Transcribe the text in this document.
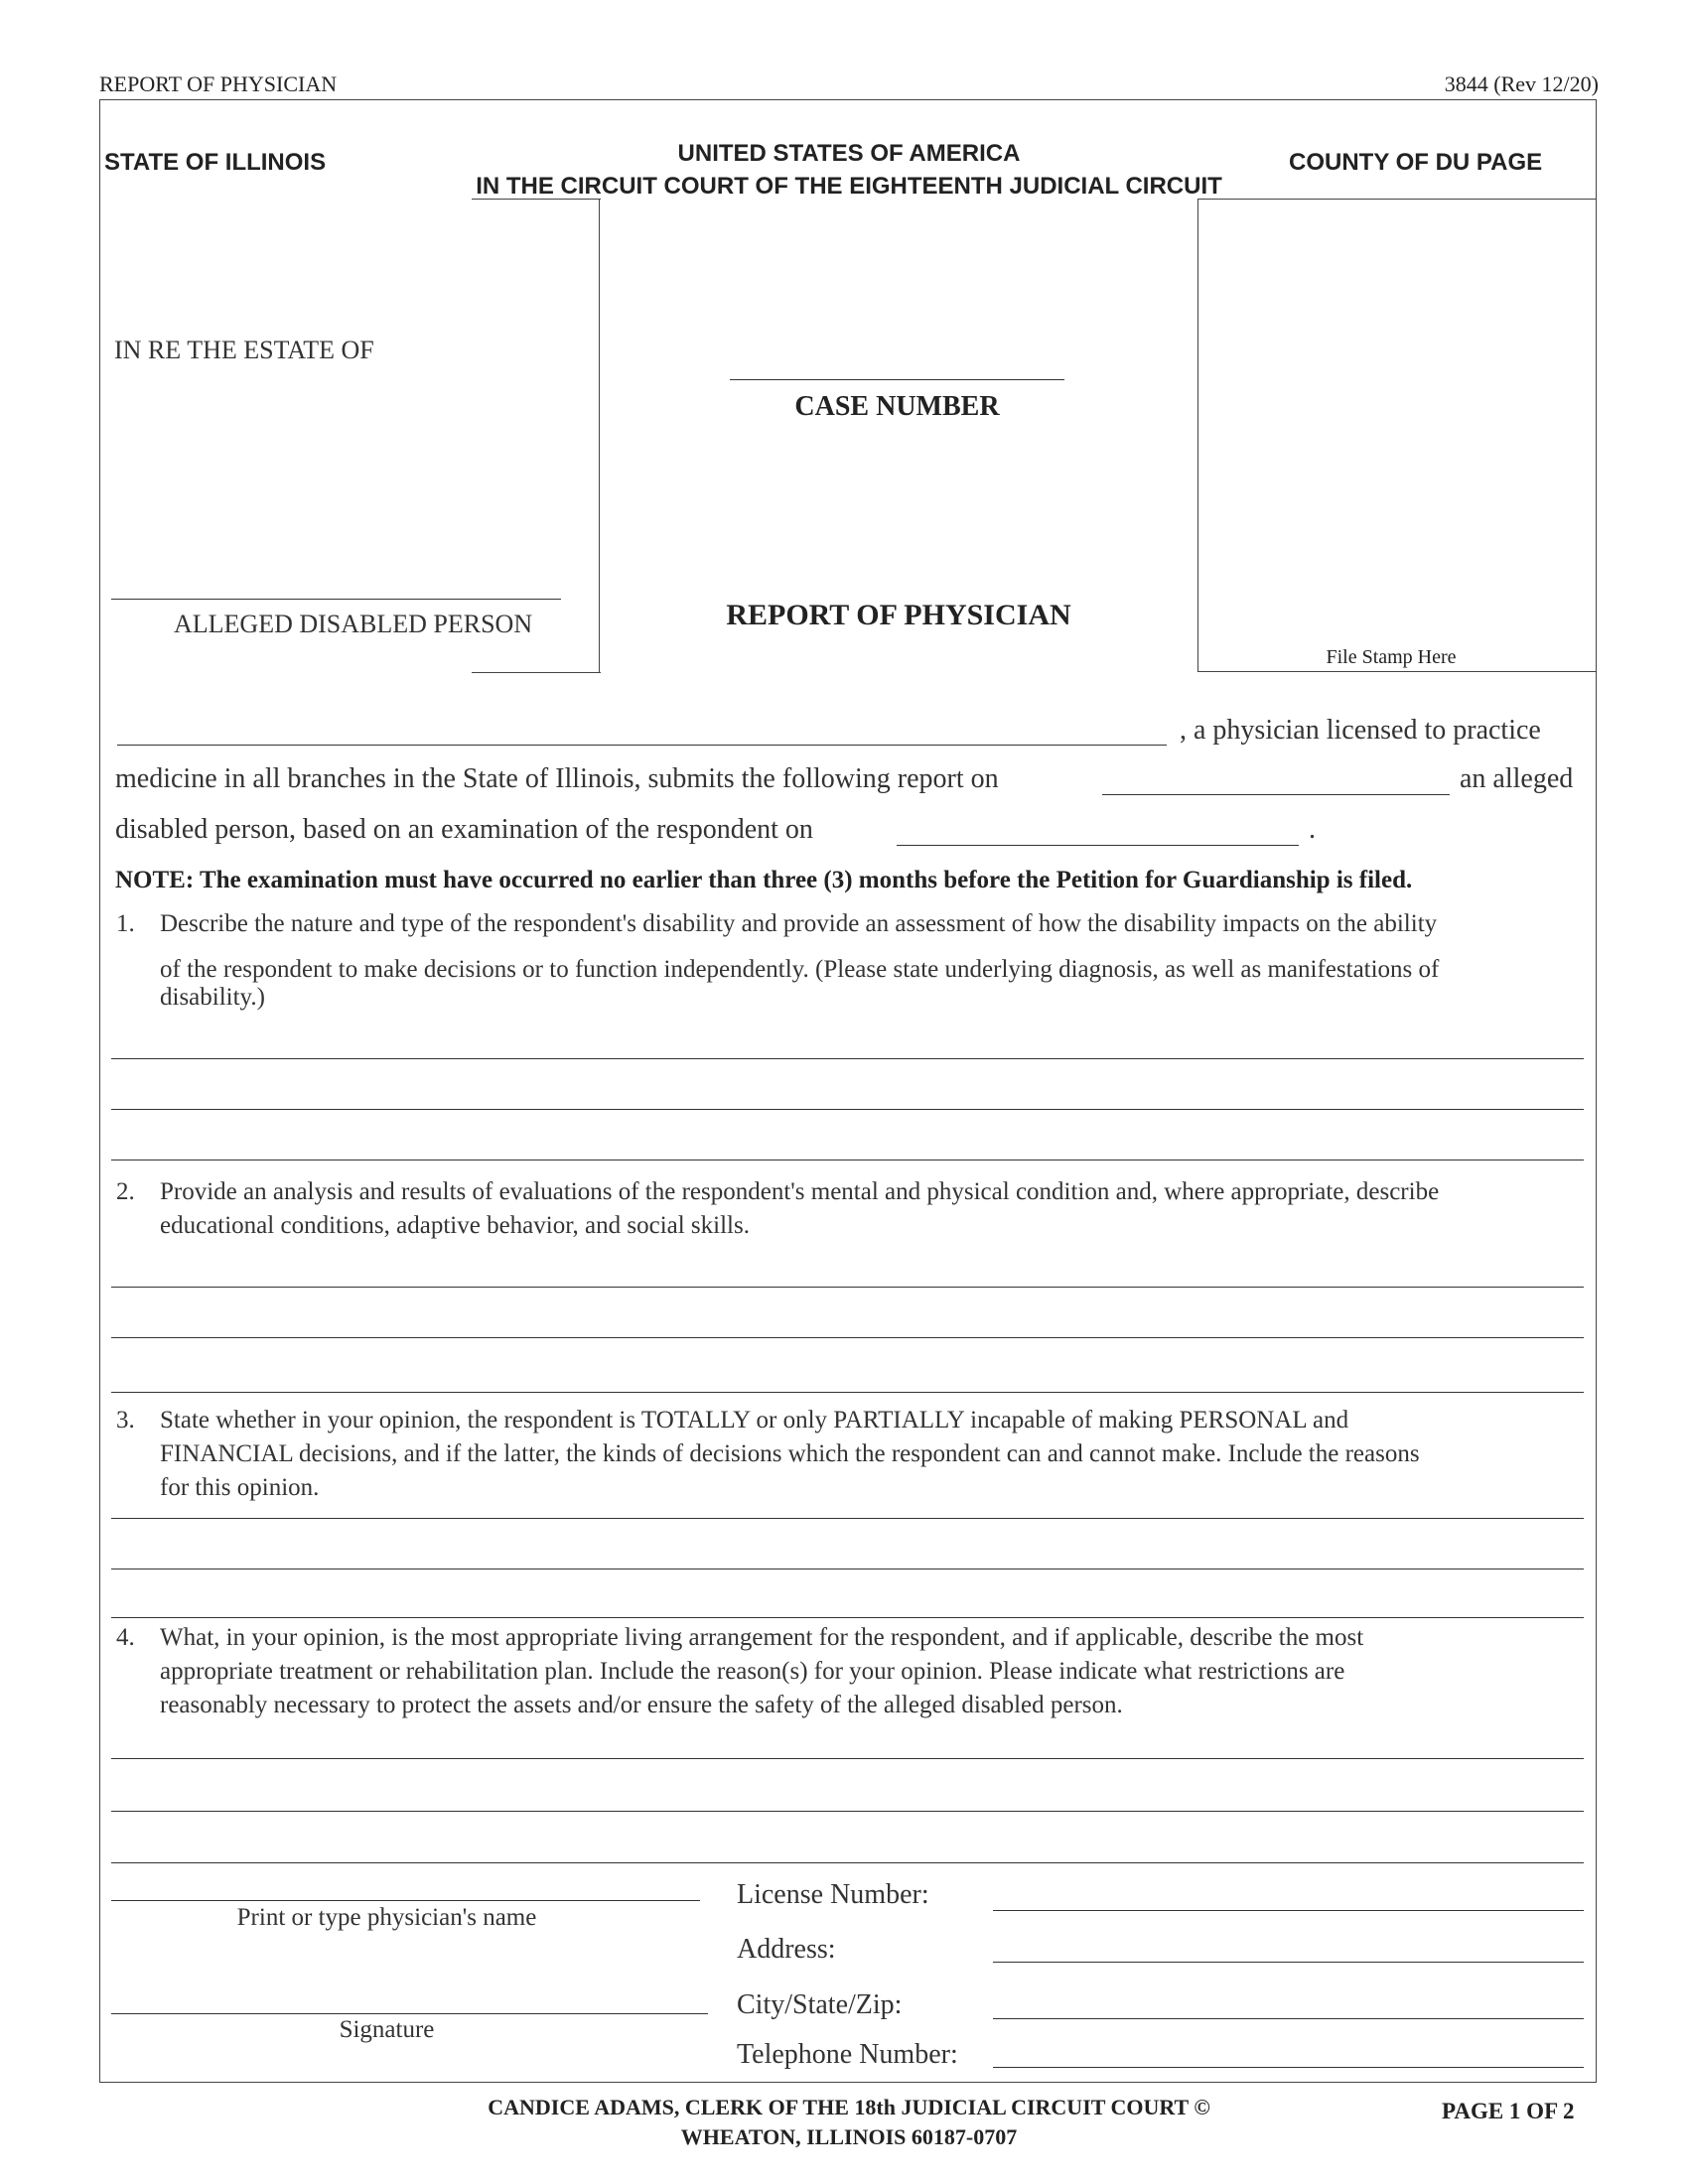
REPORT OF PHYSICIAN	3844 (Rev 12/20)
STATE OF ILLINOIS	UNITED STATES OF AMERICA
IN THE CIRCUIT COURT OF THE EIGHTEENTH JUDICIAL CIRCUIT
COUNTY OF DU PAGE
IN RE THE ESTATE OF
ALLEGED DISABLED PERSON
CASE NUMBER
REPORT OF PHYSICIAN
File Stamp Here
, a physician licensed to practice
medicine in all branches in the State of Illinois, submits the following report on	an alleged
disabled person, based on an examination of the respondent on	.
NOTE: The examination must have occurred no earlier than three (3) months before the Petition for Guardianship is filed.
1. Describe the nature and type of the respondent's disability and provide an assessment of how the disability impacts on the ability
of the respondent to make decisions or to function independently. (Please state underlying diagnosis, as well as manifestations of
disability.)
2. Provide an analysis and results of evaluations of the respondent's mental and physical condition and, where appropriate, describe
educational conditions, adaptive behavior, and social skills.
3. State whether in your opinion, the respondent is TOTALLY or only PARTIALLY incapable of making PERSONAL and
FINANCIAL decisions, and if the latter, the kinds of decisions which the respondent can and cannot make. Include the reasons
for this opinion.
4. What, in your opinion, is the most appropriate living arrangement for the respondent, and if applicable, describe the most
appropriate treatment or rehabilitation plan. Include the reason(s) for your opinion. Please indicate what restrictions are
reasonably necessary to protect the assets and/or ensure the safety of the alleged disabled person.
Print or type physician's name
Signature
License Number:
Address:
City/State/Zip:
Telephone Number:
CANDICE ADAMS, CLERK OF THE 18th JUDICIAL CIRCUIT COURT ©
WHEATON, ILLINOIS 60187-0707
PAGE 1 OF 2
